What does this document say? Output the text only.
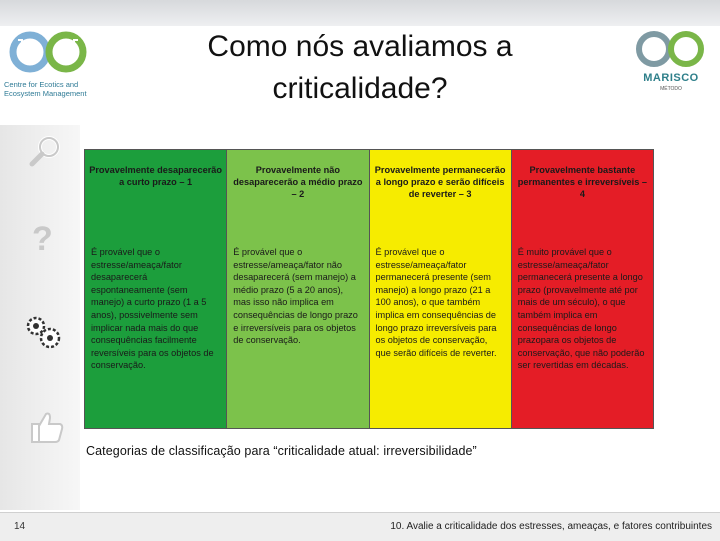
Centre for Ecotics and
Ecosystem Management
Como nós avaliamos a criticalidade?	MARISCO
MÉTODO
?
Provavelmente desaparecerão a curto prazo – 1
É provável que o estresse/ameaça/fator desaparecerá espontaneamente (sem manejo) a curto prazo (1 a 5 anos), possivelmente sem implicar nada mais do que consequências facilmente reversíveis para os objetos de conservação.
Provavelmente não desaparecerão a médio prazo – 2
É provável que o estresse/ameaça/fator não desaparecerá (sem manejo) a médio prazo (5 a 20 anos), mas isso não implica em consequências de longo prazo e irreversíveis para os objetos de conservação.
Provavelmente permanecerão a longo prazo e serão difíceis de reverter – 3
É provável que o estresse/ameaça/fator permanecerá presente (sem manejo) a longo prazo (21 a 100 anos), o que também implica em consequências de longo prazo irreversíveis para os objetos de conservação, que serão difíceis de reverter.
Provavelmente bastante permanentes e irreversíveis – 4
É muito provável que o estresse/ameaça/fator permanecerá presente a longo prazo (provavelmente até por mais de um século), o que também implica em consequências de longo prazopara os objetos de conservação, que não poderão ser revertidas em décadas.
Categorias de classificação para “criticalidade atual: irreversibilidade”
14	10. Avalie a criticalidade dos estresses, ameaças, e fatores contribuintes
